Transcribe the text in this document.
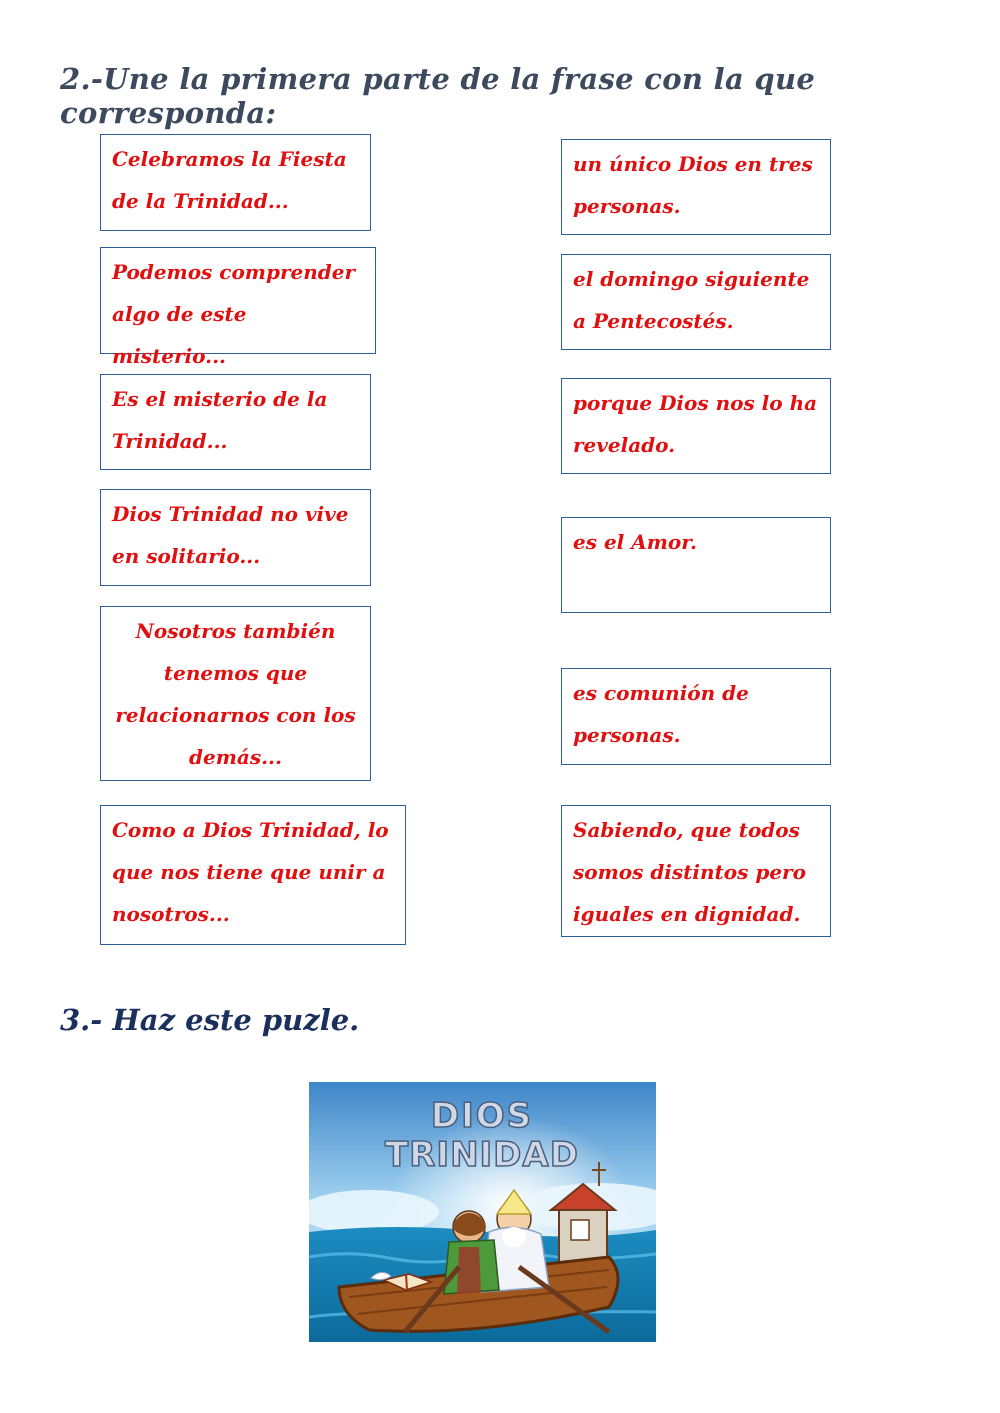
2.-Une la primera parte de la frase con la que corresponda:
Celebramos la Fiesta de la Trinidad...
Podemos comprender algo de este misterio...
Es el misterio de la Trinidad...
Dios Trinidad no vive en solitario...
Nosotros también tenemos que relacionarnos con los demás...
Como a Dios Trinidad, lo que nos tiene que unir a nosotros...
un único Dios en tres personas.
el domingo siguiente a Pentecostés.
porque Dios nos lo ha revelado.
es el Amor.
es comunión de personas.
Sabiendo, que todos somos distintos pero iguales en dignidad.
3.- Haz este puzle.
DIOS
TRINIDAD
